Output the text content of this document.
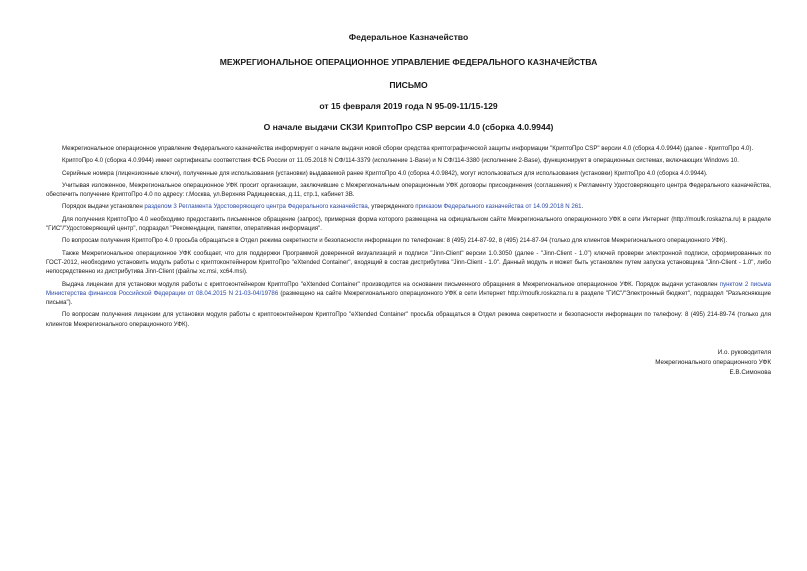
Федеральное Казначейство
МЕЖРЕГИОНАЛЬНОЕ ОПЕРАЦИОННОЕ УПРАВЛЕНИЕ ФЕДЕРАЛЬНОГО КАЗНАЧЕЙСТВА
ПИСЬМО
от 15 февраля 2019 года N 95-09-11/15-129
О начале выдачи СКЗИ КриптоПро CSP версии 4.0 (сборка 4.0.9944)

Межрегиональное операционное управление Федерального казначейства информирует о начале выдачи новой сборки средства криптографической защиты информации "КриптоПро CSP" версии 4.0 (сборка 4.0.9944) (далее - КриптоПро 4.0).

КриптоПро 4.0 (сборка 4.0.9944) имеет сертификаты соответствия ФСБ России от 11.05.2018 N СФ/114-3379 (исполнение 1-Base) и N СФ/114-3380 (исполнение 2-Base), функционирует в операционных системах, включающих Windows 10.

Серийные номера (лицензионные ключи), полученные для использования (установки) выдаваемой ранее КриптоПро 4.0 (сборка 4.0.9842), могут использоваться для использования (установки) КриптоПро 4.0 (сборка 4.0.9944).

Учитывая изложенное, Межрегиональное операционное УФК просит организации, заключившие с Межрегиональным операционным УФК договоры присоединения (соглашения) к Регламенту Удостоверяющего центра Федерального казначейства, обеспечить получение КриптоПро 4.0 по адресу: г.Москва, ул.Верхняя Радищевская, д.11, стр.1, кабинет 3В.

Порядок выдачи установлен разделом 3 Регламента Удостоверяющего центра Федерального казначейства, утвержденного приказом Федерального казначейства от 14.09.2018 N 261.

Для получения КриптоПро 4.0 необходимо предоставить письменное обращение (запрос), примерная форма которого размещена на официальном сайте Межрегионального операционного УФК в сети Интернет (http://moufk.roskazna.ru) в разделе "ГИС"/"Удостоверяющий центр", подраздел "Рекомендации, памятки, оперативная информация".

По вопросам получения КриптоПро 4.0 просьба обращаться в Отдел режима секретности и безопасности информации по телефонам: 8 (495) 214-87-92, 8 (495) 214-87-94 (только для клиентов Межрегионального операционного УФК).

Также Межрегиональное операционное УФК сообщает, что для поддержки Программой доверенной визуализаций и подписи "Jinn-Client" версии 1.0.3050 (далее - "Jinn-Client - 1.0") ключей проверки электронной подписи, сформированных по ГОСТ-2012, необходимо установить модуль работы с криптоконтейнером КриптоПро "eXtended Container", входящий в состав дистрибутива "Jinn-Client - 1.0". Данный модуль и может быть установлен путем запуска установщика "Jinn-Client - 1.0", либо непосредственно из дистрибутива Jinn-Client (файлы xc.msi, xc64.msi).

Выдача лицензии для установки модуля работы с криптоконтейнером КриптоПро "eXtended Container" производится на основании письменного обращения в Межрегиональное операционное УФК. Порядок выдачи установлен пунктом 2 письма Министерства финансов Российской Федерации от 08.04.2015 N 21-03-04/19786 (размещено на сайте Межрегионального операционного УФК в сети Интернет http://moufk.roskazna.ru в разделе "ГИС"/"Электронный бюджет", подраздел "Разъясняющие письма").

По вопросам получения лицензии для установки модуля работы с криптоконтейнером КриптоПро "eXtended Container" просьба обращаться в Отдел режима секретности и безопасности информации по телефону: 8 (495) 214-89-74 (только для клиентов Межрегионального операционного УФК).

И.о. руководителя
Межрегионального операционного УФК
Е.В.Симонова
